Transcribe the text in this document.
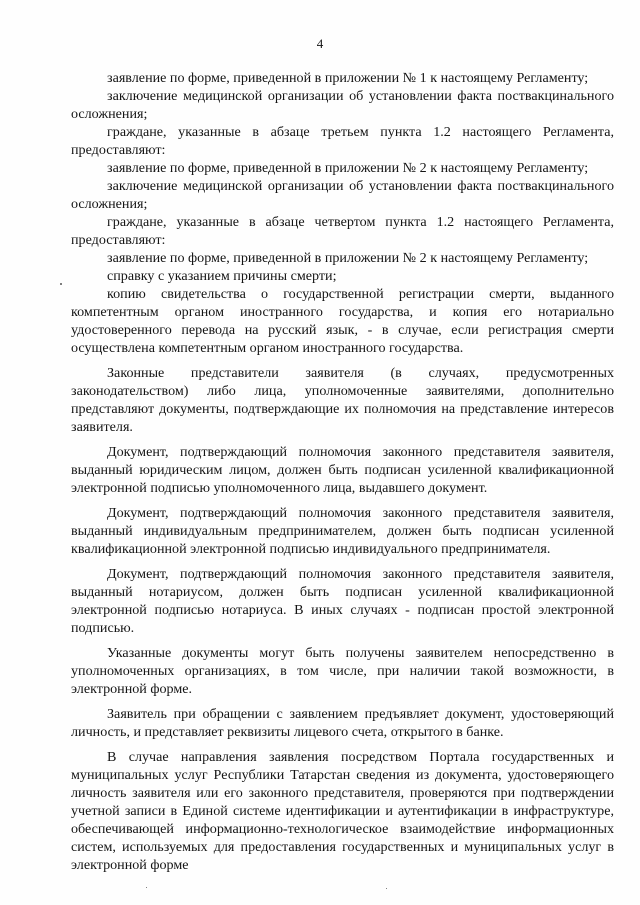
4

заявление по форме, приведенной в приложении № 1 к настоящему Регламенту;

заключение медицинской организации об установлении факта поствакцинального осложнения;

граждане, указанные в абзаце третьем пункта 1.2 настоящего Регламента, предоставляют:

заявление по форме, приведенной в приложении № 2 к настоящему Регламенту;

заключение медицинской организации об установлении факта поствакцинального осложнения;

граждане, указанные в абзаце четвертом пункта 1.2 настоящего Регламента, предоставляют:

заявление по форме, приведенной в приложении № 2 к настоящему Регламенту;

справку с указанием причины смерти;

копию свидетельства о государственной регистрации смерти, выданного компетентным органом иностранного государства, и копия его нотариально удостоверенного перевода на русский язык, - в случае, если регистрация смерти осуществлена компетентным органом иностранного государства.

Законные представители заявителя (в случаях, предусмотренных законодательством) либо лица, уполномоченные заявителями, дополнительно представляют документы, подтверждающие их полномочия на представление интересов заявителя.

Документ, подтверждающий полномочия законного представителя заявителя, выданный юридическим лицом, должен быть подписан усиленной квалификационной электронной подписью уполномоченного лица, выдавшего документ.

Документ, подтверждающий полномочия законного представителя заявителя, выданный индивидуальным предпринимателем, должен быть подписан усиленной квалификационной электронной подписью индивидуального предпринимателя.

Документ, подтверждающий полномочия законного представителя заявителя, выданный нотариусом, должен быть подписан усиленной квалификационной электронной подписью нотариуса. В иных случаях - подписан простой электронной подписью.

Указанные документы могут быть получены заявителем непосредственно в уполномоченных организациях, в том числе, при наличии такой возможности, в электронной форме.

Заявитель при обращении с заявлением предъявляет документ, удостоверяющий личность, и представляет реквизиты лицевого счета, открытого в банке.

В случае направления заявления посредством Портала государственных и муниципальных услуг Республики Татарстан сведения из документа, удостоверяющего личность заявителя или его законного представителя, проверяются при подтверждении учетной записи в Единой системе идентификации и аутентификации в инфраструктуре, обеспечивающей информационно-технологическое взаимодействие информационных систем, используемых для предоставления государственных и муниципальных услуг в электронной форме
